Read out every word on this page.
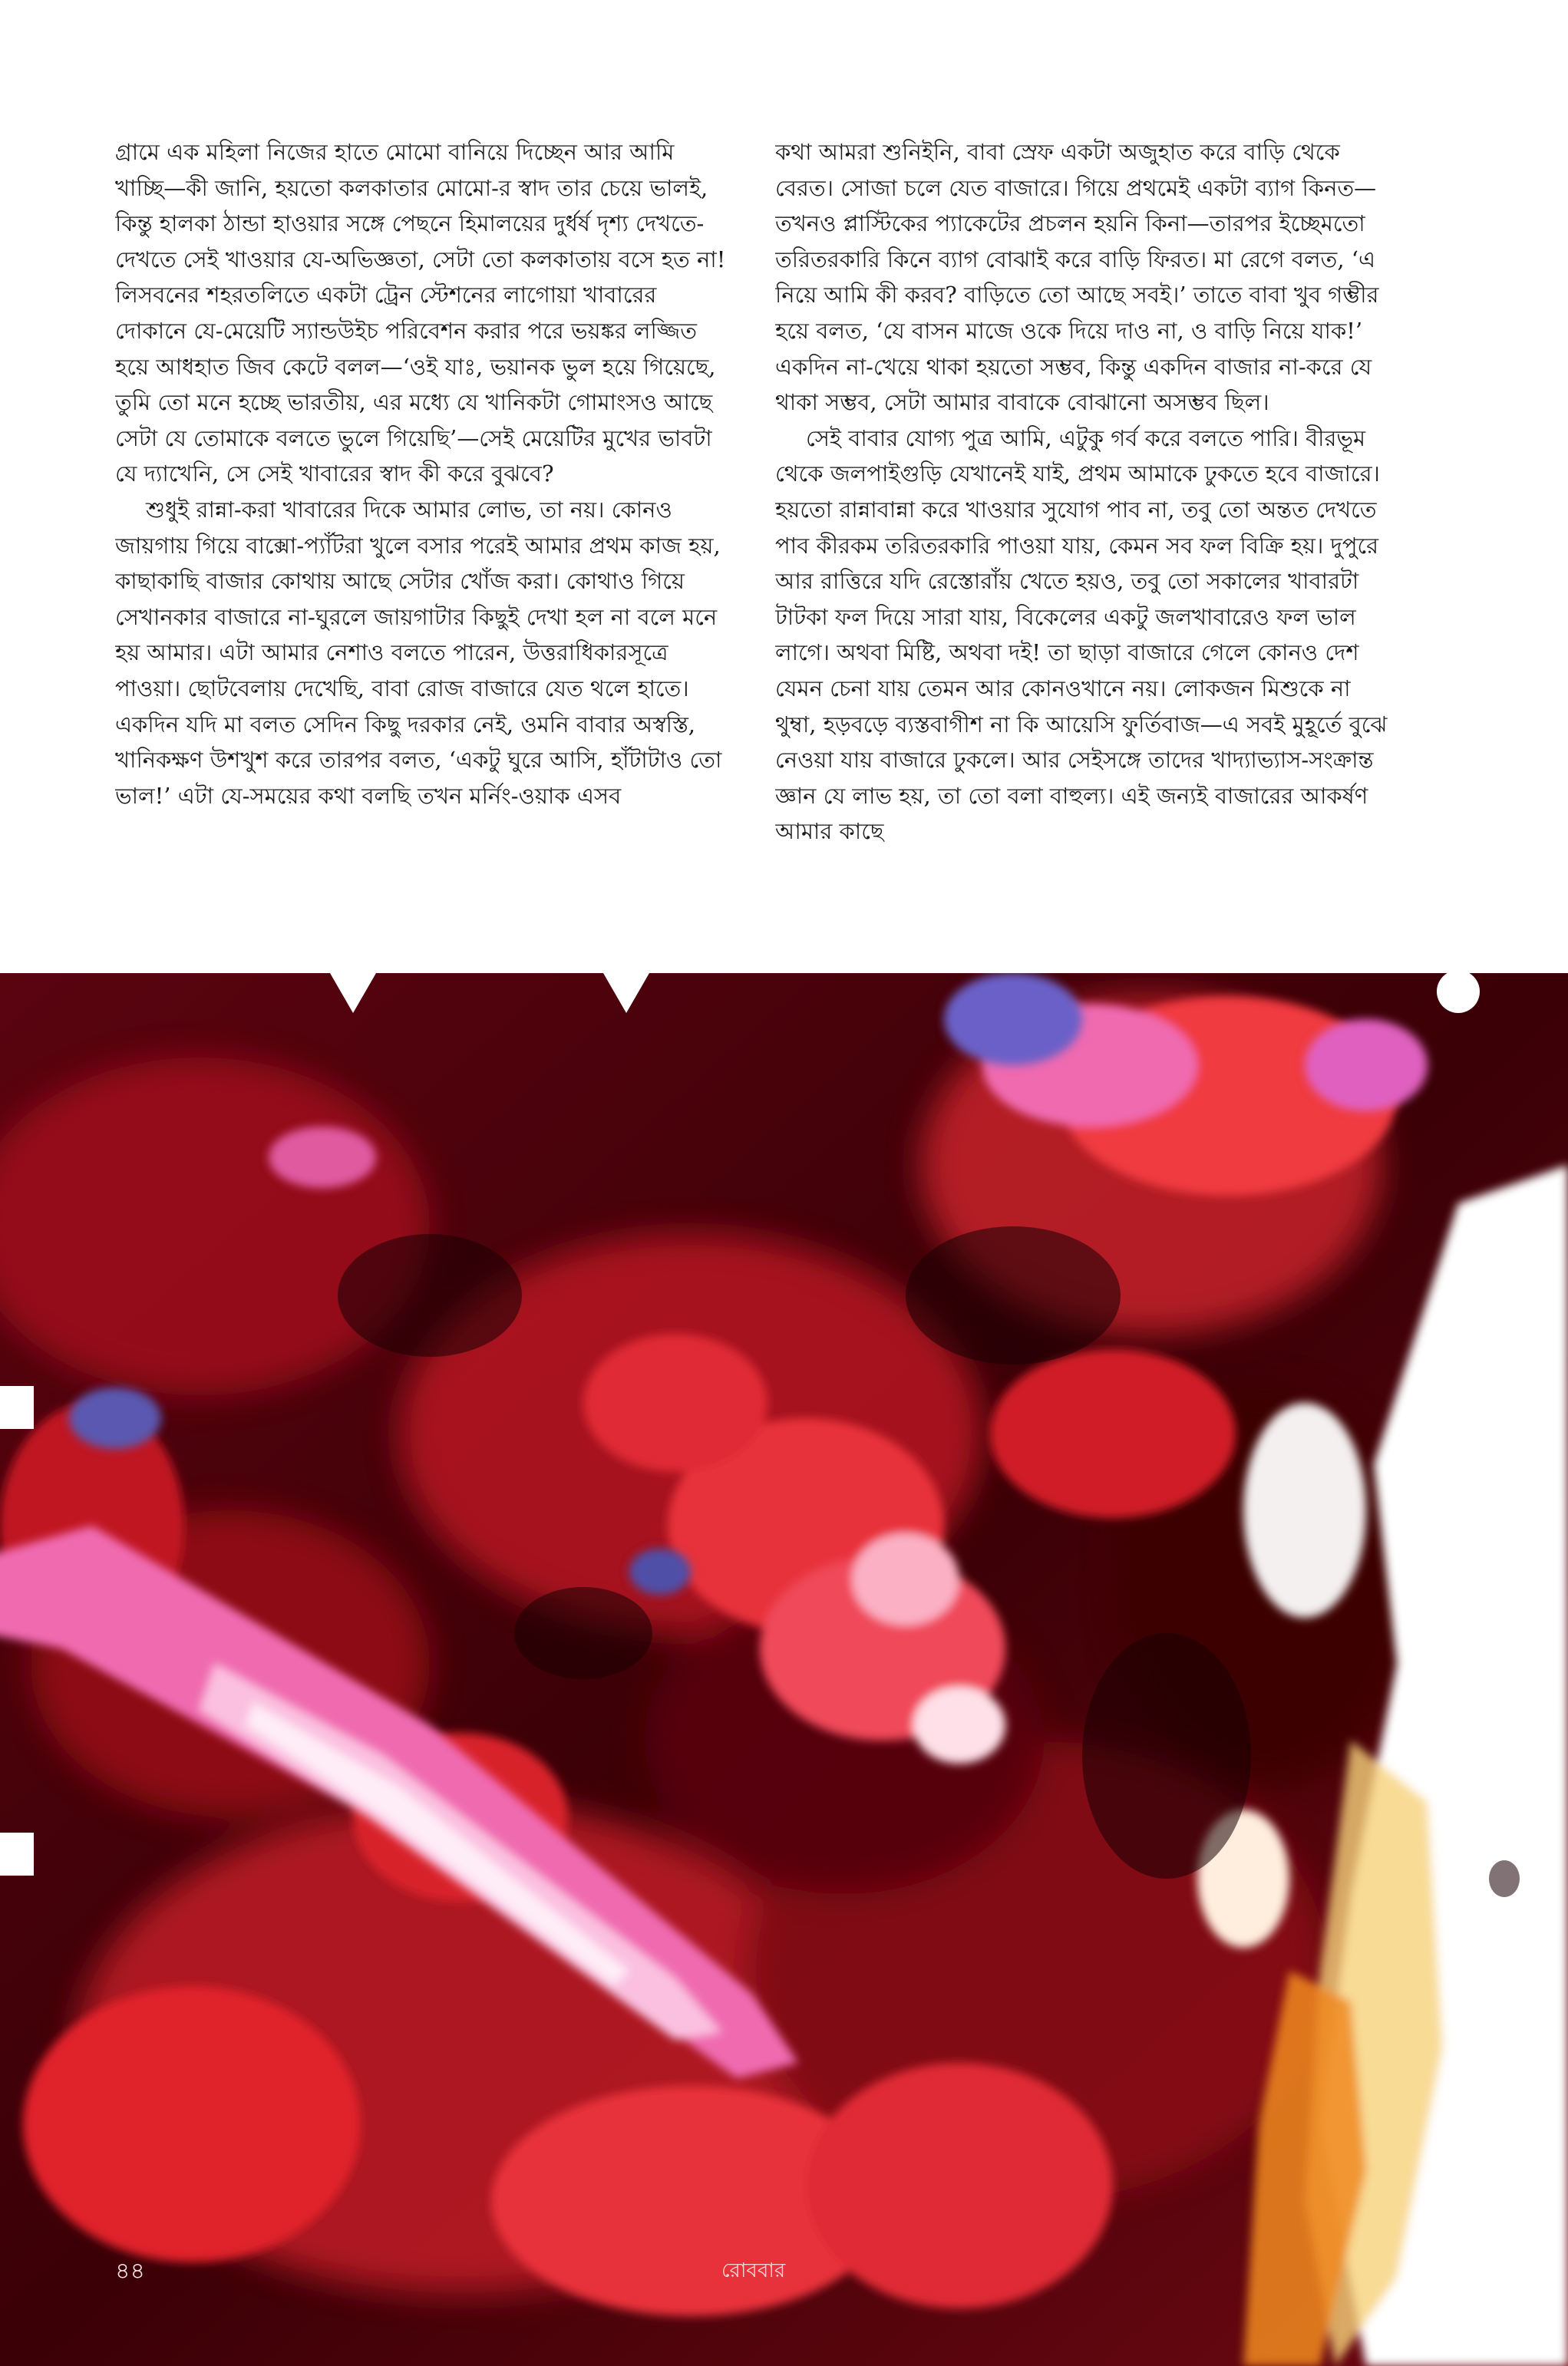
গ্রামে এক মহিলা নিজের হাতে মোমো বানিয়ে দিচ্ছেন আর আমি খাচ্ছি—কী জানি, হয়তো কলকাতার মোমো-র স্বাদ তার চেয়ে ভালই, কিন্তু হালকা ঠান্ডা হাওয়ার সঙ্গে পেছনে হিমালয়ের দুর্ধর্ষ দৃশ্য দেখতে-দেখতে সেই খাওয়ার যে-অভিজ্ঞতা, সেটা তো কলকাতায় বসে হত না! লিসবনের শহরতলিতে একটা ট্রেন স্টেশনের লাগোয়া খাবারের দোকানে যে-মেয়েটি স্যান্ডউইচ পরিবেশন করার পরে ভয়ঙ্কর লজ্জিত হয়ে আধহাত জিব কেটে বলল—‘ওই যাঃ, ভয়ানক ভুল হয়ে গিয়েছে, তুমি তো মনে হচ্ছে ভারতীয়, এর মধ্যে যে খানিকটা গোমাংসও আছে সেটা যে তোমাকে বলতে ভুলে গিয়েছি’—সেই মেয়েটির মুখের ভাবটা যে দ্যাখেনি, সে সেই খাবারের স্বাদ কী করে বুঝবে?

শুধুই রান্না-করা খাবারের দিকে আমার লোভ, তা নয়। কোনও জায়গায় গিয়ে বাক্সো-প্যাঁটরা খুলে বসার পরেই আমার প্রথম কাজ হয়, কাছাকাছি বাজার কোথায় আছে সেটার খোঁজ করা। কোথাও গিয়ে সেখানকার বাজারে না-ঘুরলে জায়গাটার কিছুই দেখা হল না বলে মনে হয় আমার। এটা আমার নেশাও বলতে পারেন, উত্তরাধিকারসূত্রে পাওয়া। ছোটবেলায় দেখেছি, বাবা রোজ বাজারে যেত থলে হাতে। একদিন যদি মা বলত সেদিন কিছু দরকার নেই, ওমনি বাবার অস্বস্তি, খানিকক্ষণ উশখুশ করে তারপর বলত, ‘একটু ঘুরে আসি, হাঁটাটাও তো ভাল!’ এটা যে-সময়ের কথা বলছি তখন মর্নিং-ওয়াক এসব

কথা আমরা শুনিইনি, বাবা স্রেফ একটা অজুহাত করে বাড়ি থেকে বেরত। সোজা চলে যেত বাজারে। গিয়ে প্রথমেই একটা ব্যাগ কিনত—তখনও প্লাস্টিকের প্যাকেটের প্রচলন হয়নি কিনা—তারপর ইচ্ছেমতো তরিতরকারি কিনে ব্যাগ বোঝাই করে বাড়ি ফিরত। মা রেগে বলত, ‘এ নিয়ে আমি কী করব? বাড়িতে তো আছে সবই।’ তাতে বাবা খুব গম্ভীর হয়ে বলত, ‘যে বাসন মাজে ওকে দিয়ে দাও না, ও বাড়ি নিয়ে যাক!’ একদিন না-খেয়ে থাকা হয়তো সম্ভব, কিন্তু একদিন বাজার না-করে যে থাকা সম্ভব, সেটা আমার বাবাকে বোঝানো অসম্ভব ছিল।

সেই বাবার যোগ্য পুত্র আমি, এটুকু গর্ব করে বলতে পারি। বীরভূম থেকে জলপাইগুড়ি যেখানেই যাই, প্রথম আমাকে ঢুকতে হবে বাজারে। হয়তো রান্নাবান্না করে খাওয়ার সুযোগ পাব না, তবু তো অন্তত দেখতে পাব কীরকম তরিতরকারি পাওয়া যায়, কেমন সব ফল বিক্রি হয়। দুপুরে আর রাত্তিরে যদি রেস্তোরাঁয় খেতে হয়ও, তবু তো সকালের খাবারটা টাটকা ফল দিয়ে সারা যায়, বিকেলের একটু জলখাবারেও ফল ভাল লাগে। অথবা মিষ্টি, অথবা দই! তা ছাড়া বাজারে গেলে কোনও দেশ যেমন চেনা যায় তেমন আর কোনওখানে নয়। লোকজন মিশুকে না থুম্বা, হড়বড়ে ব্যস্তবাগীশ না কি আয়েসি ফুর্তিবাজ—এ সবই মুহূর্তে বুঝে নেওয়া যায় বাজারে ঢুকলে। আর সেইসঙ্গে তাদের খাদ্যাভ্যাস-সংক্রান্ত জ্ঞান যে লাভ হয়, তা তো বলা বাহুল্য। এই জন্যই বাজারের আকর্ষণ আমার কাছে

৪৪	রোববার
